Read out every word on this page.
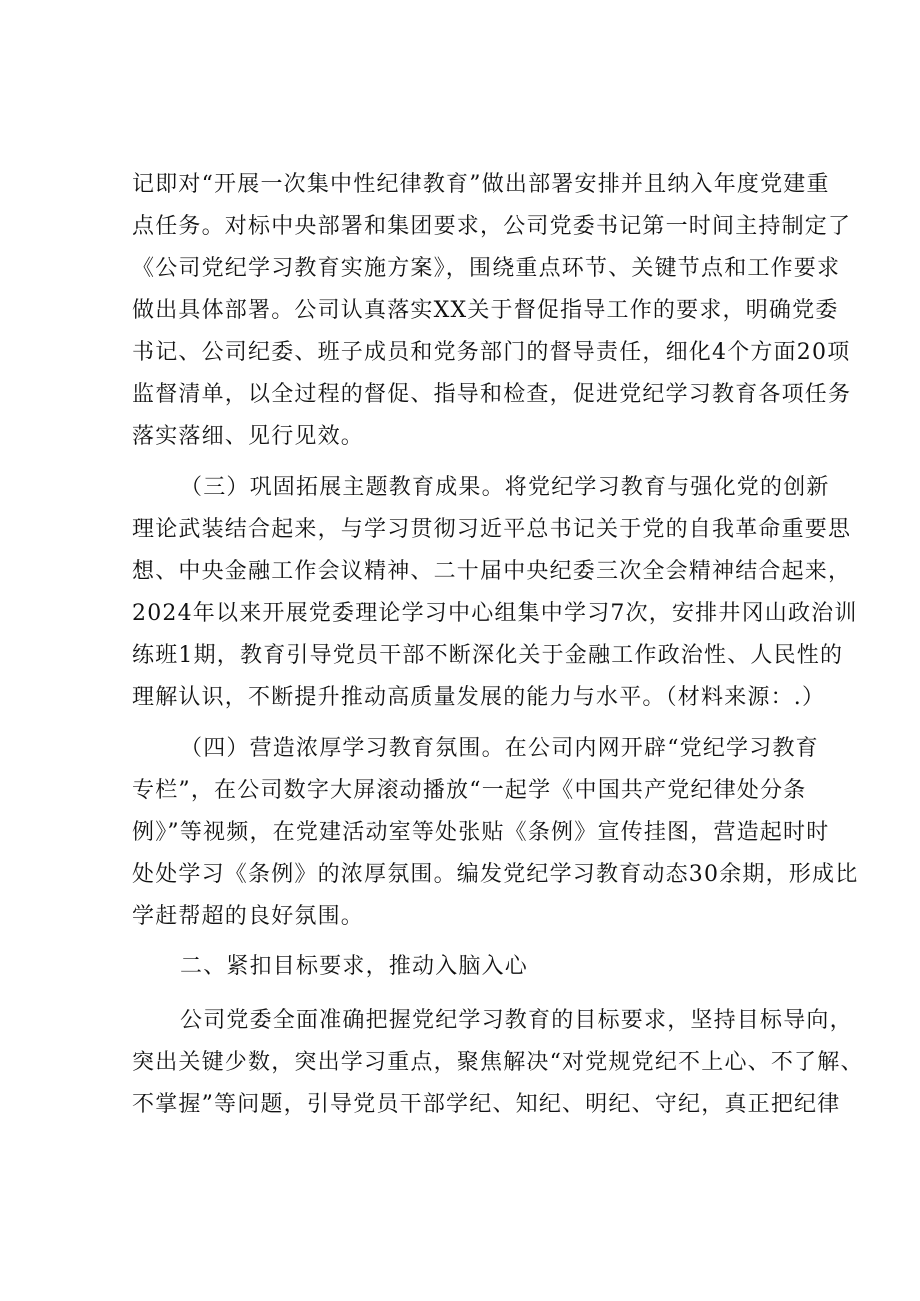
记即对“开展一次集中性纪律教育”做出部署安排并且纳入年度党建重
点任务。对标中央部署和集团要求，公司党委书记第一时间主持制定了
《公司党纪学习教育实施方案》，围绕重点环节、关键节点和工作要求
做出具体部署。公司认真落实XX关于督促指导工作的要求，明确党委
书记、公司纪委、班子成员和党务部门的督导责任，细化4个方面20项
监督清单，以全过程的督促、指导和检查，促进党纪学习教育各项任务
落实落细、见行见效。
（三）巩固拓展主题教育成果。将党纪学习教育与强化党的创新
理论武装结合起来，与学习贯彻习近平总书记关于党的自我革命重要思
想、中央金融工作会议精神、二十届中央纪委三次全会精神结合起来，
2024年以来开展党委理论学习中心组集中学习7次，安排井冈山政治训
练班1期，教育引导党员干部不断深化关于金融工作政治性、人民性的
理解认识，不断提升推动高质量发展的能力与水平。（材料来源：.）
（四）营造浓厚学习教育氛围。在公司内网开辟“党纪学习教育
专栏”，在公司数字大屏滚动播放“一起学《中国共产党纪律处分条
例》”等视频，在党建活动室等处张贴《条例》宣传挂图，营造起时时
处处学习《条例》的浓厚氛围。编发党纪学习教育动态30余期，形成比
学赶帮超的良好氛围。
二、紧扣目标要求，推动入脑入心
公司党委全面准确把握党纪学习教育的目标要求，坚持目标导向，
突出关键少数，突出学习重点，聚焦解决“对党规党纪不上心、不了解、
不掌握”等问题，引导党员干部学纪、知纪、明纪、守纪，真正把纪律
